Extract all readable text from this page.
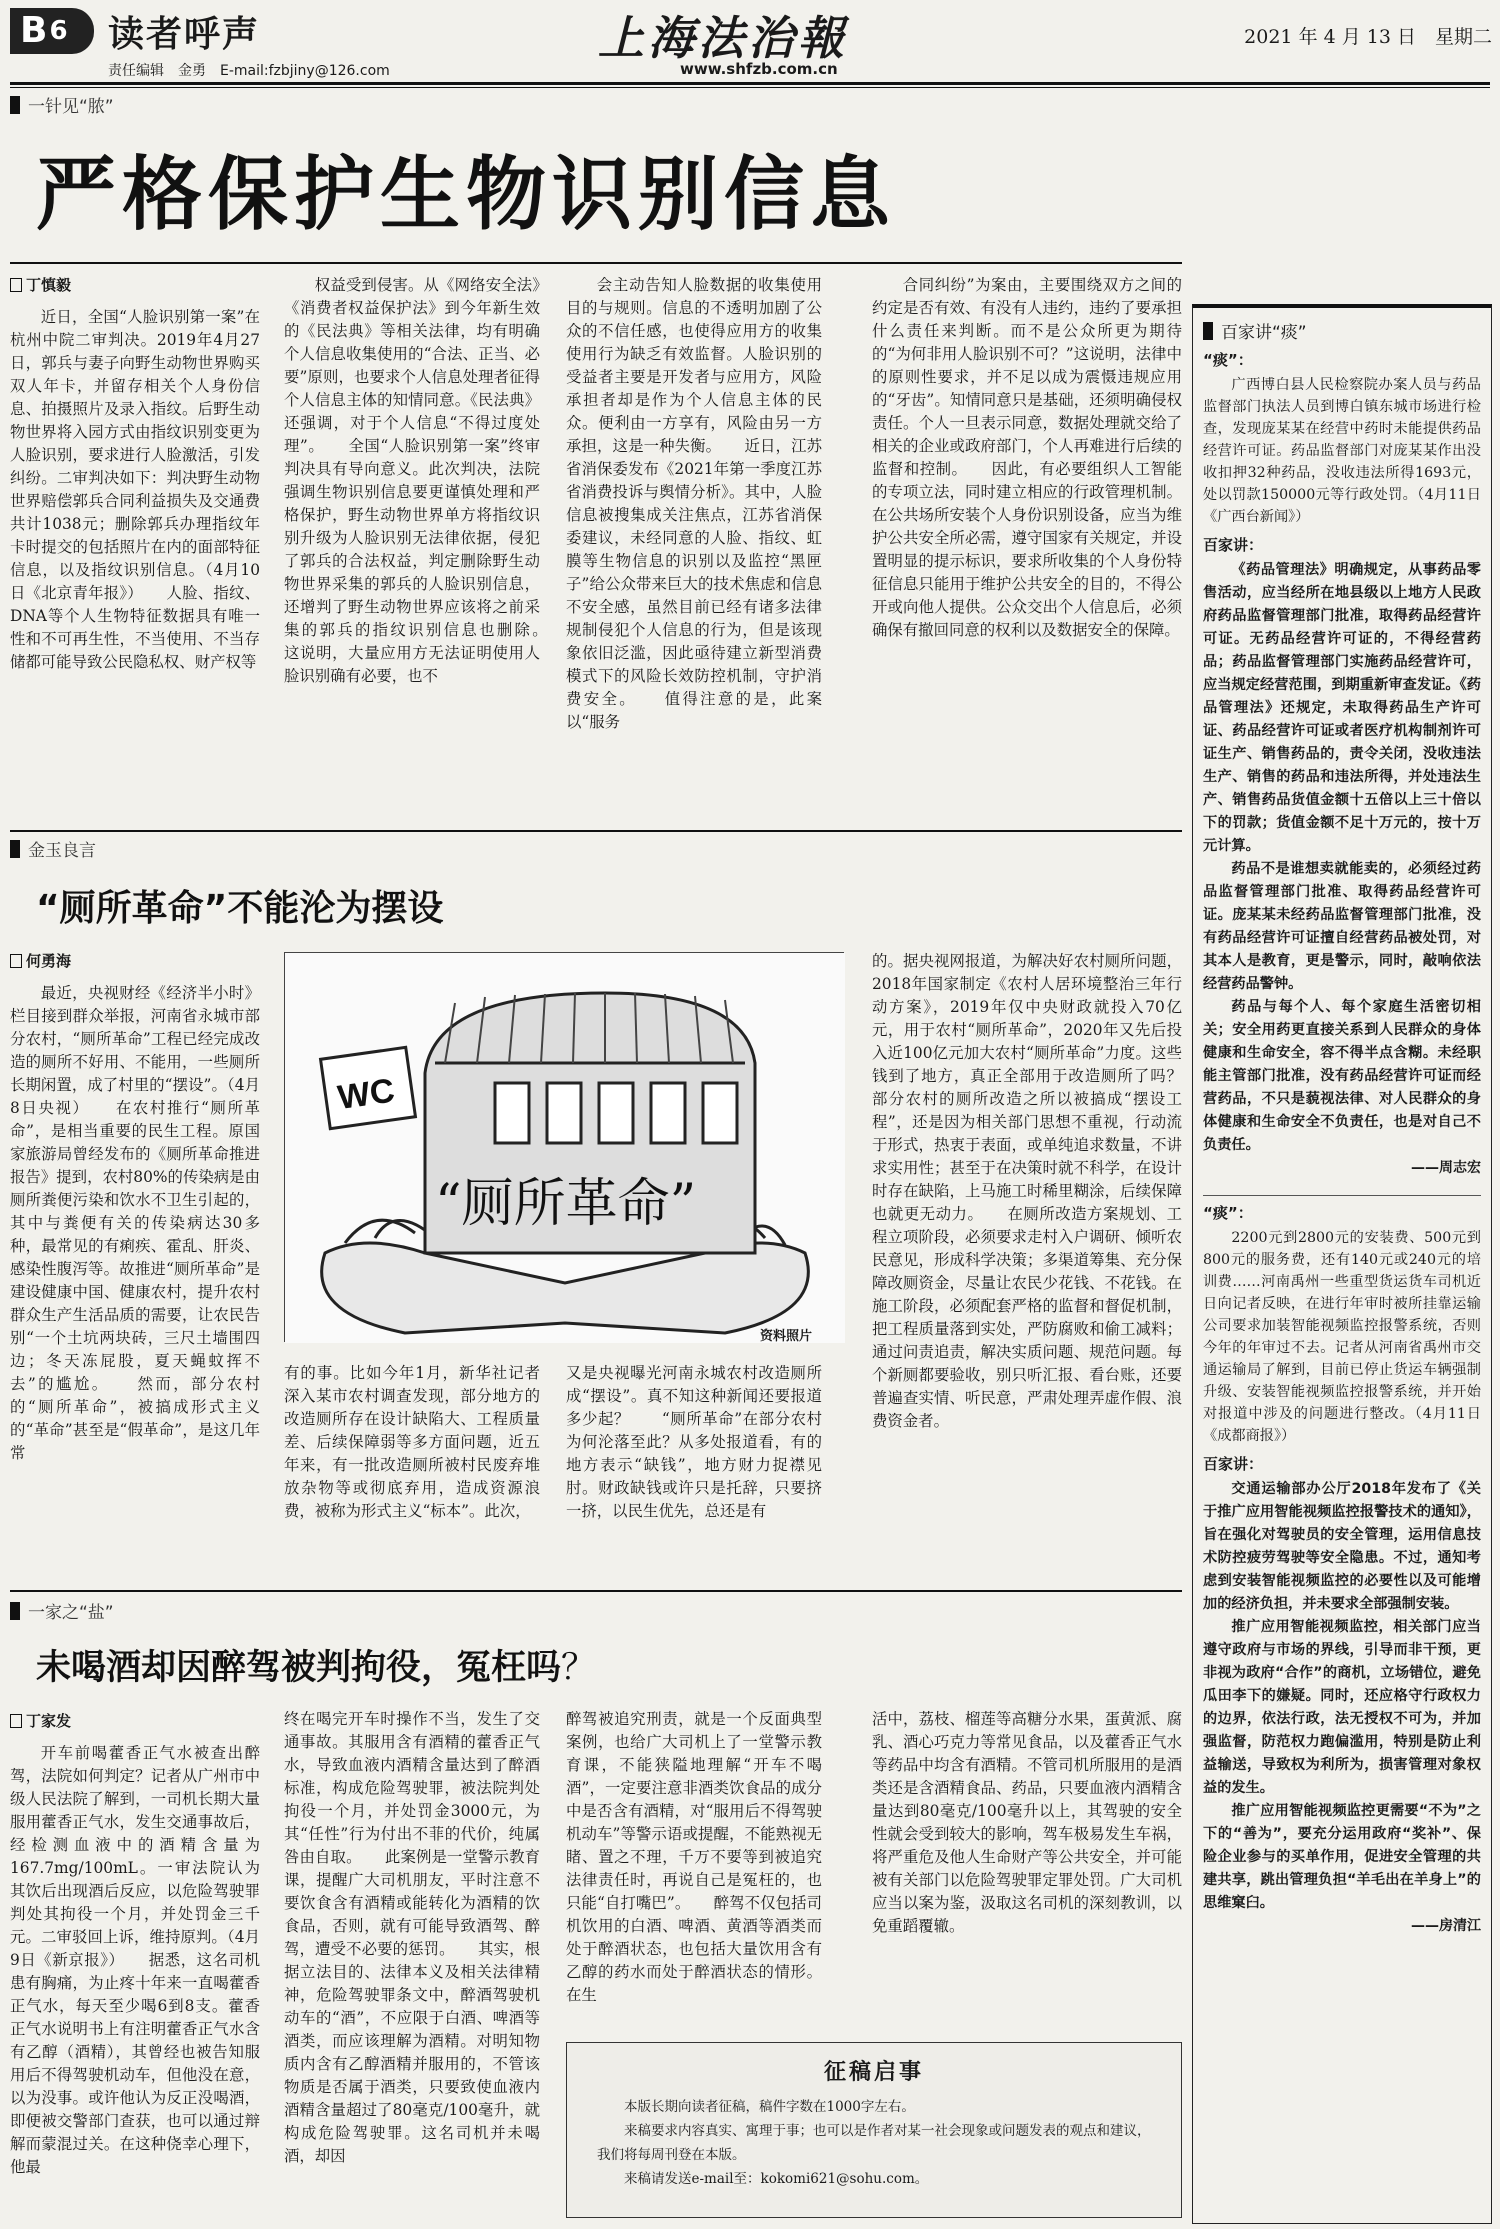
$B^6$	读者呼声
责任编辑　金勇　E-mail:fzbjiny@126.com
上海法治報
www.shfzb.com.cn
2021 年 4 月 13 日　星期二
一针见“脓”
严格保护生物识别信息
丁慎毅

近日，全国“人脸识别第一案”在杭州中院二审判决。2019年4月27日，郭兵与妻子向野生动物世界购买双人年卡，并留存相关个人身份信息、拍摄照片及录入指纹。后野生动物世界将入园方式由指纹识别变更为人脸识别，要求进行人脸激活，引发纠纷。二审判决如下：判决野生动物世界赔偿郭兵合同利益损失及交通费共计1038元；删除郭兵办理指纹年卡时提交的包括照片在内的面部特征信息，以及指纹识别信息。（4月10日《北京青年报》）　　人脸、指纹、DNA等个人生物特征数据具有唯一性和不可再生性，不当使用、不当存储都可能导致公民隐私权、财产权等

权益受到侵害。从《网络安全法》《消费者权益保护法》到今年新生效的《民法典》等相关法律，均有明确个人信息收集使用的“合法、正当、必要”原则，也要求个人信息处理者征得个人信息主体的知情同意。《民法典》还强调，对于个人信息“不得过度处理”。　　全国“人脸识别第一案”终审判决具有导向意义。此次判决，法院强调生物识别信息要更谨慎处理和严格保护，野生动物世界单方将指纹识别升级为人脸识别无法律依据，侵犯了郭兵的合法权益，判定删除野生动物世界采集的郭兵的人脸识别信息，还增判了野生动物世界应该将之前采集的郭兵的指纹识别信息也删除。　　这说明，大量应用方无法证明使用人脸识别确有必要，也不

会主动告知人脸数据的收集使用目的与规则。信息的不透明加剧了公众的不信任感，也使得应用方的收集使用行为缺乏有效监督。人脸识别的受益者主要是开发者与应用方，风险承担者却是作为个人信息主体的民众。便利由一方享有，风险由另一方承担，这是一种失衡。　　近日，江苏省消保委发布《2021年第一季度江苏省消费投诉与舆情分析》。其中，人脸信息被搜集成关注焦点，江苏省消保委建议，未经同意的人脸、指纹、虹膜等生物信息的识别以及监控“黑匣子”给公众带来巨大的技术焦虑和信息不安全感，虽然目前已经有诸多法律规制侵犯个人信息的行为，但是该现象依旧泛滥，因此亟待建立新型消费模式下的风险长效防控机制，守护消费安全。　　值得注意的是，此案以“服务

合同纠纷”为案由，主要围绕双方之间的约定是否有效、有没有人违约，违约了要承担什么责任来判断。而不是公众所更为期待的“为何非用人脸识别不可？”这说明，法律中的原则性要求，并不足以成为震慑违规应用的“牙齿”。知情同意只是基础，还须明确侵权责任。个人一旦表示同意，数据处理就交给了相关的企业或政府部门，个人再难进行后续的监督和控制。　　因此，有必要组织人工智能的专项立法，同时建立相应的行政管理机制。在公共场所安装个人身份识别设备，应当为维护公共安全所必需，遵守国家有关规定，并设置明显的提示标识，要求所收集的个人身份特征信息只能用于维护公共安全的目的，不得公开或向他人提供。公众交出个人信息后，必须确保有撤回同意的权利以及数据安全的保障。

金玉良言
“厕所革命”不能沦为摆设
何勇海

最近，央视财经《经济半小时》栏目接到群众举报，河南省永城市部分农村，“厕所革命”工程已经完成改造的厕所不好用、不能用，一些厕所长期闲置，成了村里的“摆设”。（4月8日央视）　　在农村推行“厕所革命”，是相当重要的民生工程。原国家旅游局曾经发布的《厕所革命推进报告》提到，农村80%的传染病是由厕所粪便污染和饮水不卫生引起的，其中与粪便有关的传染病达30多种，最常见的有痢疾、霍乱、肝炎、感染性腹泻等。故推进“厕所革命”是建设健康中国、健康农村，提升农村群众生产生活品质的需要，让农民告别“一个土坑两块砖，三尺土墙围四边；冬天冻屁股，夏天蝇蚊挥不去”的尴尬。　　然而，部分农村的“厕所革命”，被搞成形式主义的“革命”甚至是“假革命”，是这几年常

WC
“厕所革命”
资料照片

有的事。比如今年1月，新华社记者深入某市农村调查发现，部分地方的改造厕所存在设计缺陷大、工程质量差、后续保障弱等多方面问题，近五年来，有一批改造厕所被村民废弃堆放杂物等或彻底弃用，造成资源浪费，被称为形式主义“标本”。此次，

又是央视曝光河南永城农村改造厕所成“摆设”。真不知这种新闻还要报道多少起？　　“厕所革命”在部分农村为何沦落至此？从多处报道看，有的地方表示“缺钱”，地方财力捉襟见肘。财政缺钱或许只是托辞，只要挤一挤，以民生优先，总还是有

的。据央视网报道，为解决好农村厕所问题，2018年国家制定《农村人居环境整治三年行动方案》，2019年仅中央财政就投入70亿元，用于农村“厕所革命”，2020年又先后投入近100亿元加大农村“厕所革命”力度。这些钱到了地方，真正全部用于改造厕所了吗？　　部分农村的厕所改造之所以被搞成“摆设工程”，还是因为相关部门思想不重视，行动流于形式，热衷于表面，或单纯追求数量，不讲求实用性；甚至于在决策时就不科学，在设计时存在缺陷，上马施工时稀里糊涂，后续保障也就更无动力。　　在厕所改造方案规划、工程立项阶段，必须要求走村入户调研、倾听农民意见，形成科学决策；多渠道筹集、充分保障改厕资金，尽量让农民少花钱、不花钱。在施工阶段，必须配套严格的监督和督促机制，把工程质量落到实处，严防腐败和偷工减料；通过问责追责，解决实质问题、规范问题。每个新厕都要验收，别只听汇报、看台账，还要普遍查实情、听民意，严肃处理弄虚作假、浪费资金者。

一家之“盐”
未喝酒却因醉驾被判拘役，冤枉吗？
丁家发

开车前喝藿香正气水被查出醉驾，法院如何判定？记者从广州市中级人民法院了解到，一司机长期大量服用藿香正气水，发生交通事故后，经检测血液中的酒精含量为167.7mg/100mL。一审法院认为其饮后出现酒后反应，以危险驾驶罪判处其拘役一个月，并处罚金三千元。二审驳回上诉，维持原判。（4月9日《新京报》）　　据悉，这名司机患有胸痛，为止疼十年来一直喝藿香正气水，每天至少喝6到8支。藿香正气水说明书上有注明藿香正气水含有乙醇（酒精），其曾经也被告知服用后不得驾驶机动车，但他没在意，以为没事。或许他认为反正没喝酒，即便被交警部门查获，也可以通过辩解而蒙混过关。在这种侥幸心理下，他最

终在喝完开车时操作不当，发生了交通事故。其服用含有酒精的藿香正气水，导致血液内酒精含量达到了醉酒标准，构成危险驾驶罪，被法院判处拘役一个月，并处罚金3000元，为其“任性”行为付出不菲的代价，纯属咎由自取。　　此案例是一堂警示教育课，提醒广大司机朋友，平时注意不要饮食含有酒精或能转化为酒精的饮食品，否则，就有可能导致酒驾、醉驾，遭受不必要的惩罚。　　其实，根据立法目的、法律本义及相关法律精神，危险驾驶罪条文中，醉酒驾驶机动车的“酒”，不应限于白酒、啤酒等酒类，而应该理解为酒精。对明知物质内含有乙醇酒精并服用的，不管该物质是否属于酒类，只要致使血液内酒精含量超过了80毫克/100毫升，就构成危险驾驶罪。这名司机并未喝酒，却因

醉驾被追究刑责，就是一个反面典型案例，也给广大司机上了一堂警示教育课，不能狭隘地理解“开车不喝酒”，一定要注意非酒类饮食品的成分中是否含有酒精，对“服用后不得驾驶机动车”等警示语或提醒，不能熟视无睹、置之不理，千万不要等到被追究法律责任时，再说自己是冤枉的，也只能“自打嘴巴”。　　醉驾不仅包括司机饮用的白酒、啤酒、黄酒等酒类而处于醉酒状态，也包括大量饮用含有乙醇的药水而处于醉酒状态的情形。在生

活中，荔枝、榴莲等高糖分水果，蛋黄派、腐乳、酒心巧克力等常见食品，以及藿香正气水等药品中均含有酒精。不管司机所服用的是酒类还是含酒精食品、药品，只要血液内酒精含量达到80毫克/100毫升以上，其驾驶的安全性就会受到较大的影响，驾车极易发生车祸，将严重危及他人生命财产等公共安全，并可能被有关部门以危险驾驶罪定罪处罚。广大司机应当以案为鉴，汲取这名司机的深刻教训，以免重蹈覆辙。

征稿启事

本版长期向读者征稿，稿件字数在1000字左右。

来稿要求内容真实、寓理于事；也可以是作者对某一社会现象或问题发表的观点和建议，我们将每周刊登在本版。

来稿请发送e-mail至：kokomi621@sohu.com。

百家讲“痰”
“痰”：
广西博白县人民检察院办案人员与药品监督部门执法人员到博白镇东城市场进行检查，发现庞某某在经营中药时未能提供药品经营许可证。药品监督部门对庞某某作出没收扣押32种药品，没收违法所得1693元，处以罚款150000元等行政处罚。（4月11日《广西台新闻》）
百家讲：
《药品管理法》明确规定，从事药品零售活动，应当经所在地县级以上地方人民政府药品监督管理部门批准，取得药品经营许可证。无药品经营许可证的，不得经营药品；药品监督管理部门实施药品经营许可，应当规定经营范围，到期重新审查发证。《药品管理法》还规定，未取得药品生产许可证、药品经营许可证或者医疗机构制剂许可证生产、销售药品的，责令关闭，没收违法生产、销售的药品和违法所得，并处违法生产、销售药品货值金额十五倍以上三十倍以下的罚款；货值金额不足十万元的，按十万元计算。
药品不是谁想卖就能卖的，必须经过药品监督管理部门批准、取得药品经营许可证。庞某某未经药品监督管理部门批准，没有药品经营许可证擅自经营药品被处罚，对其本人是教育，更是警示，同时，敲响依法经营药品警钟。
药品与每个人、每个家庭生活密切相关；安全用药更直接关系到人民群众的身体健康和生命安全，容不得半点含糊。未经职能主管部门批准，没有药品经营许可证而经营药品，不只是藐视法律、对人民群众的身体健康和生命安全不负责任，也是对自己不负责任。
——周志宏
“痰”：
2200元到2800元的安装费、500元到800元的服务费，还有140元或240元的培训费……河南禹州一些重型货运货车司机近日向记者反映，在进行年审时被所挂靠运输公司要求加装智能视频监控报警系统，否则今年的年审过不去。记者从河南省禹州市交通运输局了解到，目前已停止货运车辆强制升级、安装智能视频监控报警系统，并开始对报道中涉及的问题进行整改。（4月11日《成都商报》）
百家讲：
交通运输部办公厅2018年发布了《关于推广应用智能视频监控报警技术的通知》，旨在强化对驾驶员的安全管理，运用信息技术防控疲劳驾驶等安全隐患。不过，通知考虑到安装智能视频监控的必要性以及可能增加的经济负担，并未要求全部强制安装。
推广应用智能视频监控，相关部门应当遵守政府与市场的界线，引导而非干预，更非视为政府“合作”的商机，立场错位，避免瓜田李下的嫌疑。同时，还应格守行政权力的边界，依法行政，法无授权不可为，并加强监督，防范权力跑偏滥用，特别是防止利益输送，导致权为利所为，损害管理对象权益的发生。
推广应用智能视频监控更需要“不为”之下的“善为”，要充分运用政府“奖补”、保险企业参与的买单作用，促进安全管理的共建共享，跳出管理负担“羊毛出在羊身上”的思维窠臼。
——房清江
